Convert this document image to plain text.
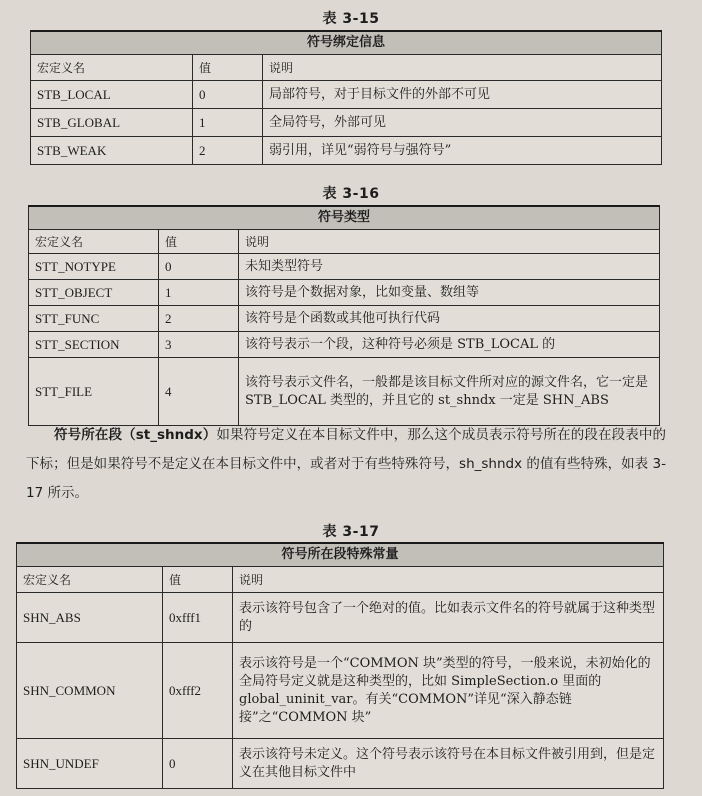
表 3-15
符号绑定信息		
宏定义名	值	说明
STB_LOCAL	0	局部符号，对于目标文件的外部不可见
STB_GLOBAL	1	全局符号，外部可见
STB_WEAK	2	弱引用，详见“弱符号与强符号”
表 3-16
符号类型		
宏定义名	值	说明
STT_NOTYPE	0	未知类型符号
STT_OBJECT	1	该符号是个数据对象，比如变量、数组等
STT_FUNC	2	该符号是个函数或其他可执行代码
STT_SECTION	3	该符号表示一个段，这种符号必须是 STB_LOCAL 的
STT_FILE	4	该符号表示文件名，一般都是该目标文件所对应的源文件名，它一定是 STB_LOCAL 类型的，并且它的 st_shndx 一定是 SHN_ABS
符号所在段（st_shndx）如果符号定义在本目标文件中，那么这个成员表示符号所在的段在段表中的下标；但是如果符号不是定义在本目标文件中，或者对于有些特殊符号，sh_shndx 的值有些特殊，如表 3-17 所示。
表 3-17
符号所在段特殊常量		
宏定义名	值	说明
SHN_ABS	0xfff1	表示该符号包含了一个绝对的值。比如表示文件名的符号就属于这种类型的
SHN_COMMON	0xfff2	表示该符号是一个“COMMON 块”类型的符号，一般来说，未初始化的全局符号定义就是这种类型的，比如 SimpleSection.o 里面的 global_uninit_var。有关“COMMON”详见“深入静态链接”之“COMMON 块”
SHN_UNDEF	0	表示该符号未定义。这个符号表示该符号在本目标文件被引用到，但是定义在其他目标文件中
